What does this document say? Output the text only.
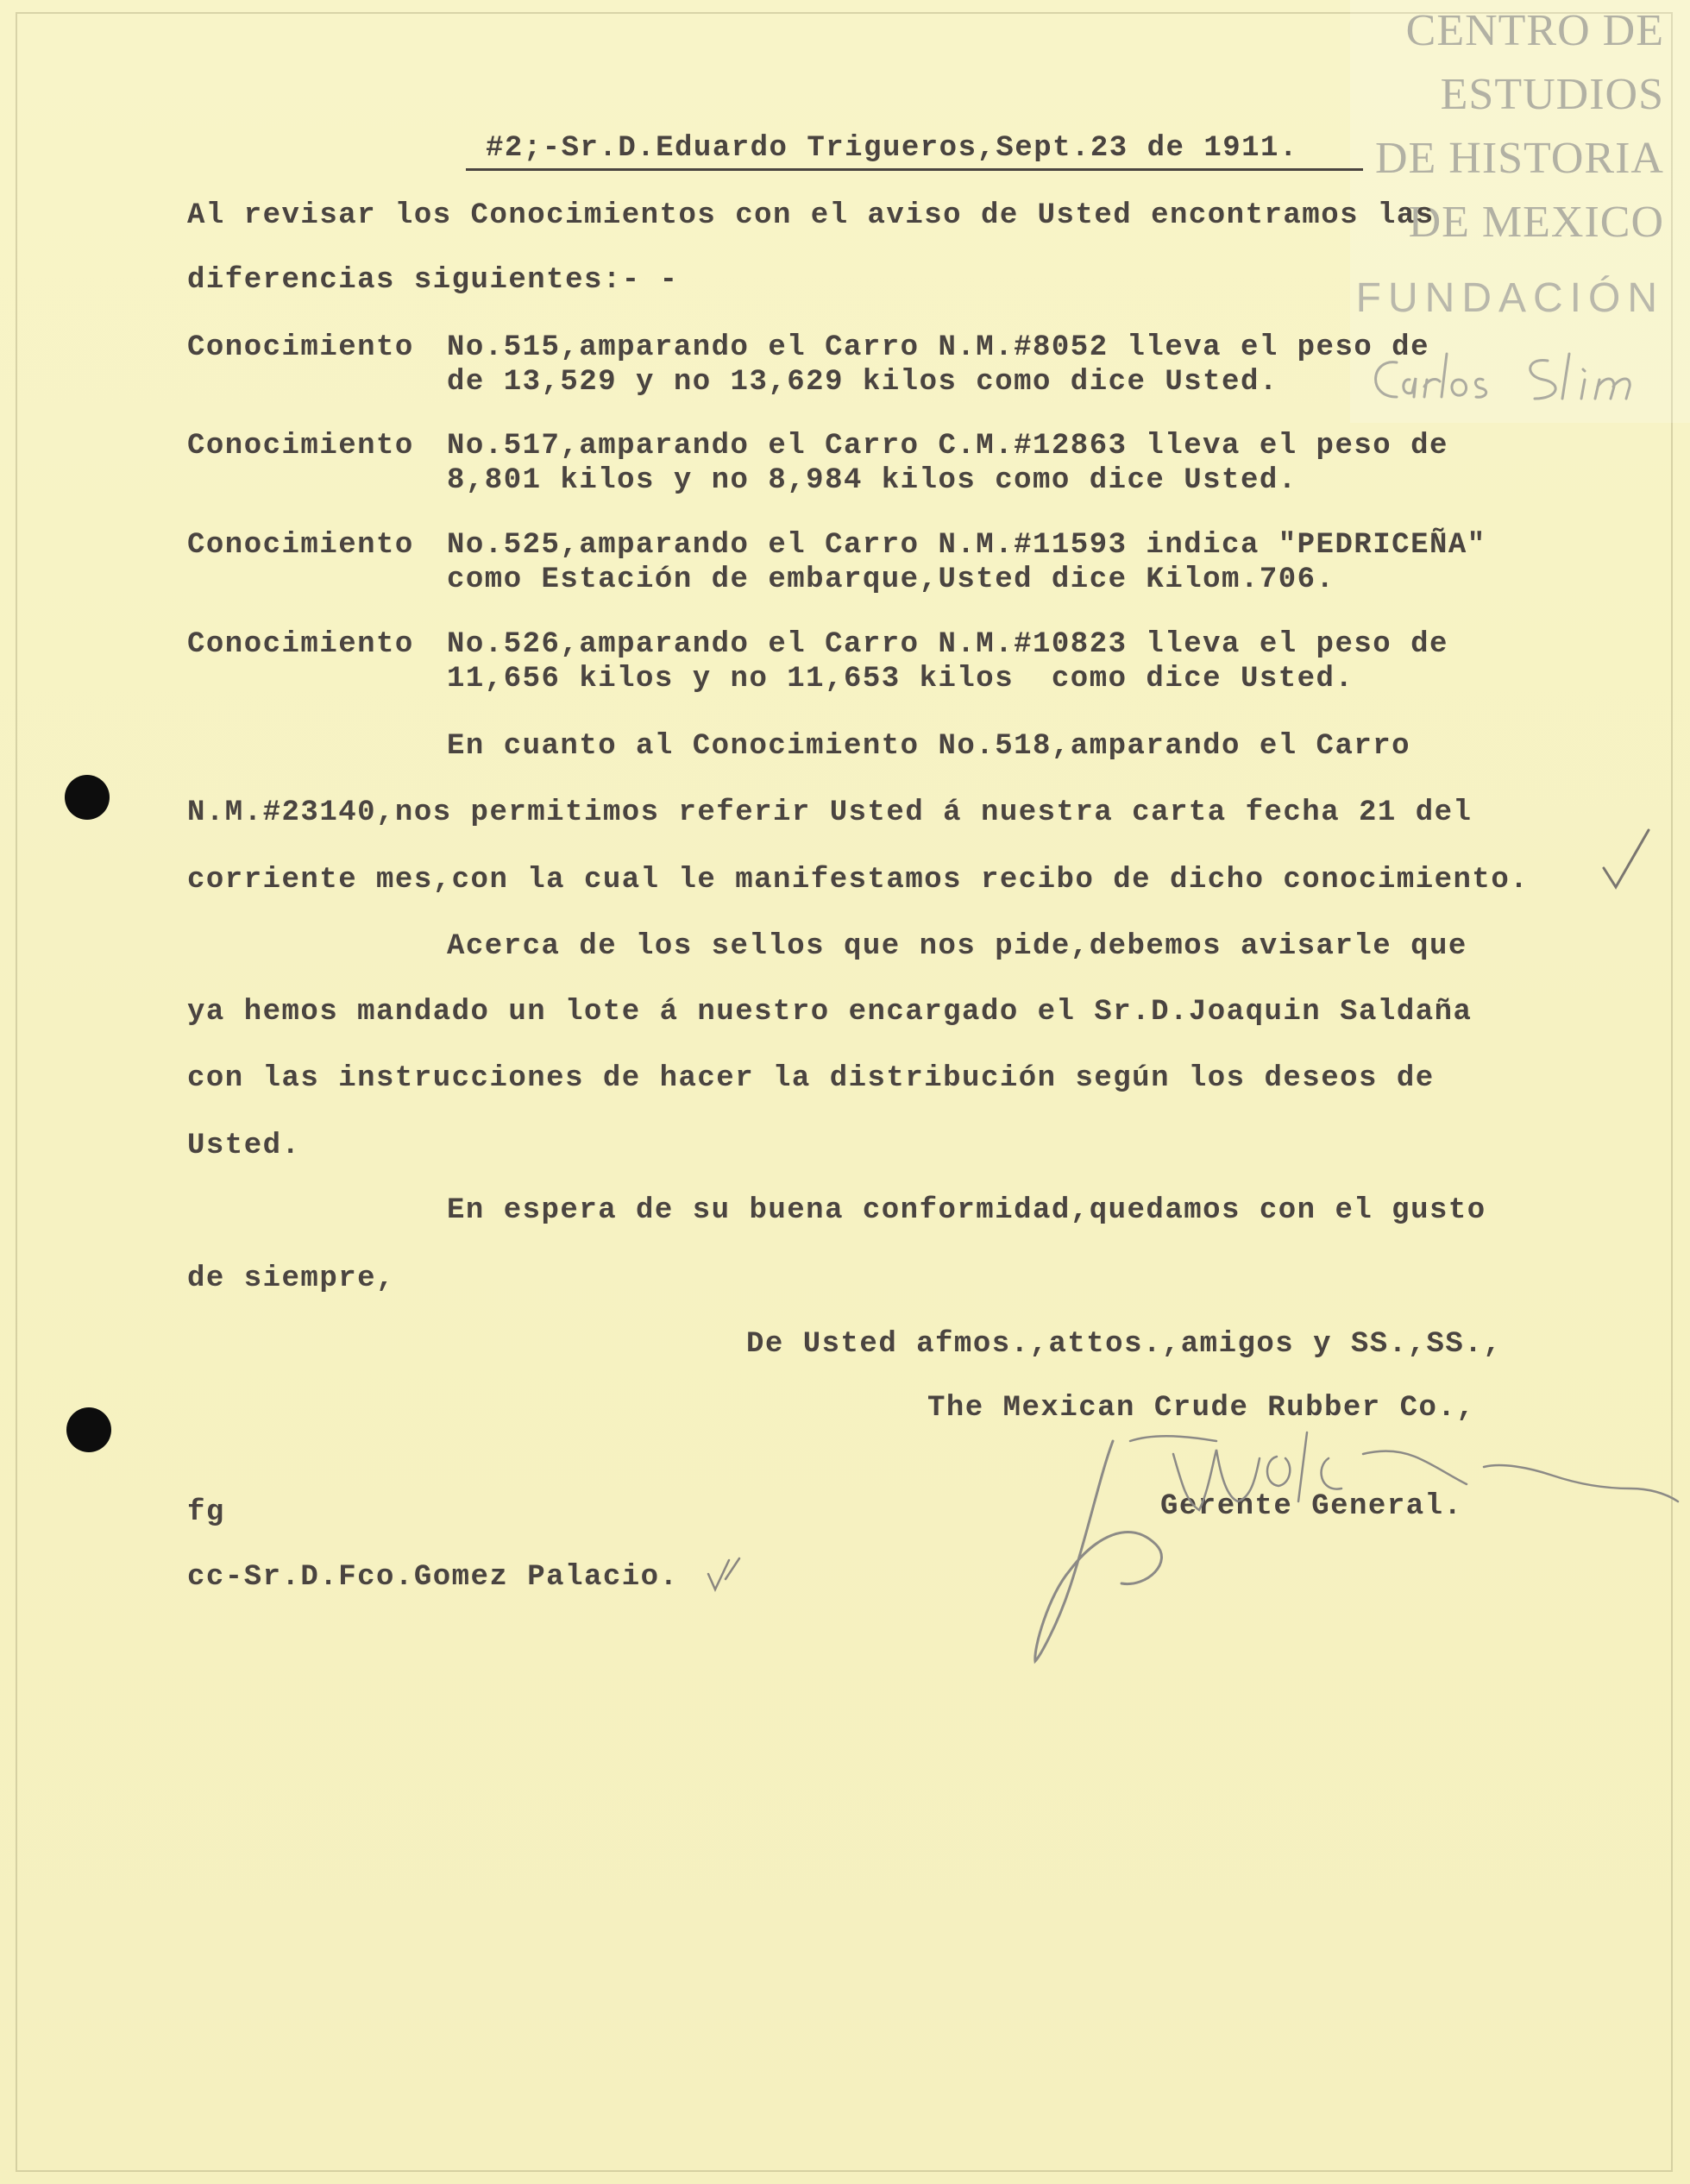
CENTRO DE
ESTUDIOS
DE HISTORIA
DE MEXICO
FUNDACIÓN
#2;-Sr.D.Eduardo Trigueros,Sept.23 de 1911.
Al revisar los Conocimientos con el aviso de Usted encontramos las
diferencias siguientes:- -
Conocimiento No.515,amparando el Carro N.M.#8052 lleva el peso de
de 13,529 y no 13,629 kilos como dice Usted.
Conocimiento No.517,amparando el Carro C.M.#12863 lleva el peso de
8,801 kilos y no 8,984 kilos como dice Usted.
Conocimiento No.525,amparando el Carro N.M.#11593 indica "PEDRICEÑA"
como Estación de embarque,Usted dice Kilom.706.
Conocimiento No.526,amparando el Carro N.M.#10823 lleva el peso de
11,656 kilos y no 11,653 kilos  como dice Usted.
En cuanto al Conocimiento No.518,amparando el Carro
N.M.#23140,nos permitimos referir Usted á nuestra carta fecha 21 del
corriente mes,con la cual le manifestamos recibo de dicho conocimiento.
Acerca de los sellos que nos pide,debemos avisarle que
ya hemos mandado un lote á nuestro encargado el Sr.D.Joaquin Saldaña
con las instrucciones de hacer la distribución según los deseos de
Usted.
En espera de su buena conformidad,quedamos con el gusto
de siempre,
De Usted afmos.,attos.,amigos y SS.,SS.,
The Mexican Crude Rubber Co.,
Gerente General.
fg
cc-Sr.D.Fco.Gomez Palacio.
